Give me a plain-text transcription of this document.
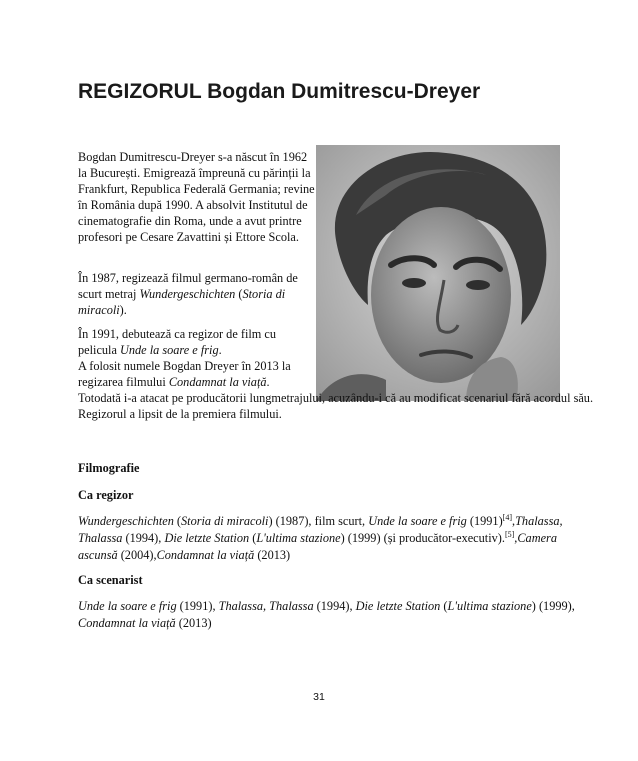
REGIZORUL Bogdan Dumitrescu-Dreyer

Bogdan Dumitrescu-Dreyer s-a născut în 1962 la București. Emigrează împreună cu părinții la Frankfurt, Republica Federală Germania; revine în România după 1990. A absolvit Institutul de cinematografie din Roma, unde a avut printre profesori pe Cesare Zavattini și Ettore Scola.

În 1987, regizează filmul germano-român de scurt metraj Wundergeschichten (Storia di miracoli).

În 1991, debutează ca regizor de film cu pelicula Unde la soare e frig.
A folosit numele Bogdan Dreyer în 2013 la regizarea filmului Condamnat la viață.
Totodată i-a atacat pe producătorii lungmetrajului, acuzându-i că au modificat scenariul fără acordul său. Regizorul a lipsit de la premiera filmului.

Filmografie

Ca regizor

Wundergeschichten (Storia di miracoli) (1987), film scurt, Unde la soare e frig (1991)[4],Thalassa, Thalassa (1994), Die letzte Station (L'ultima stazione) (1999) (și producător-executiv).[5],Camera ascunsă (2004),Condamnat la viață (2013)

Ca scenarist

Unde la soare e frig (1991), Thalassa, Thalassa (1994), Die letzte Station (L'ultima stazione) (1999),
Condamnat la viață (2013)

31
